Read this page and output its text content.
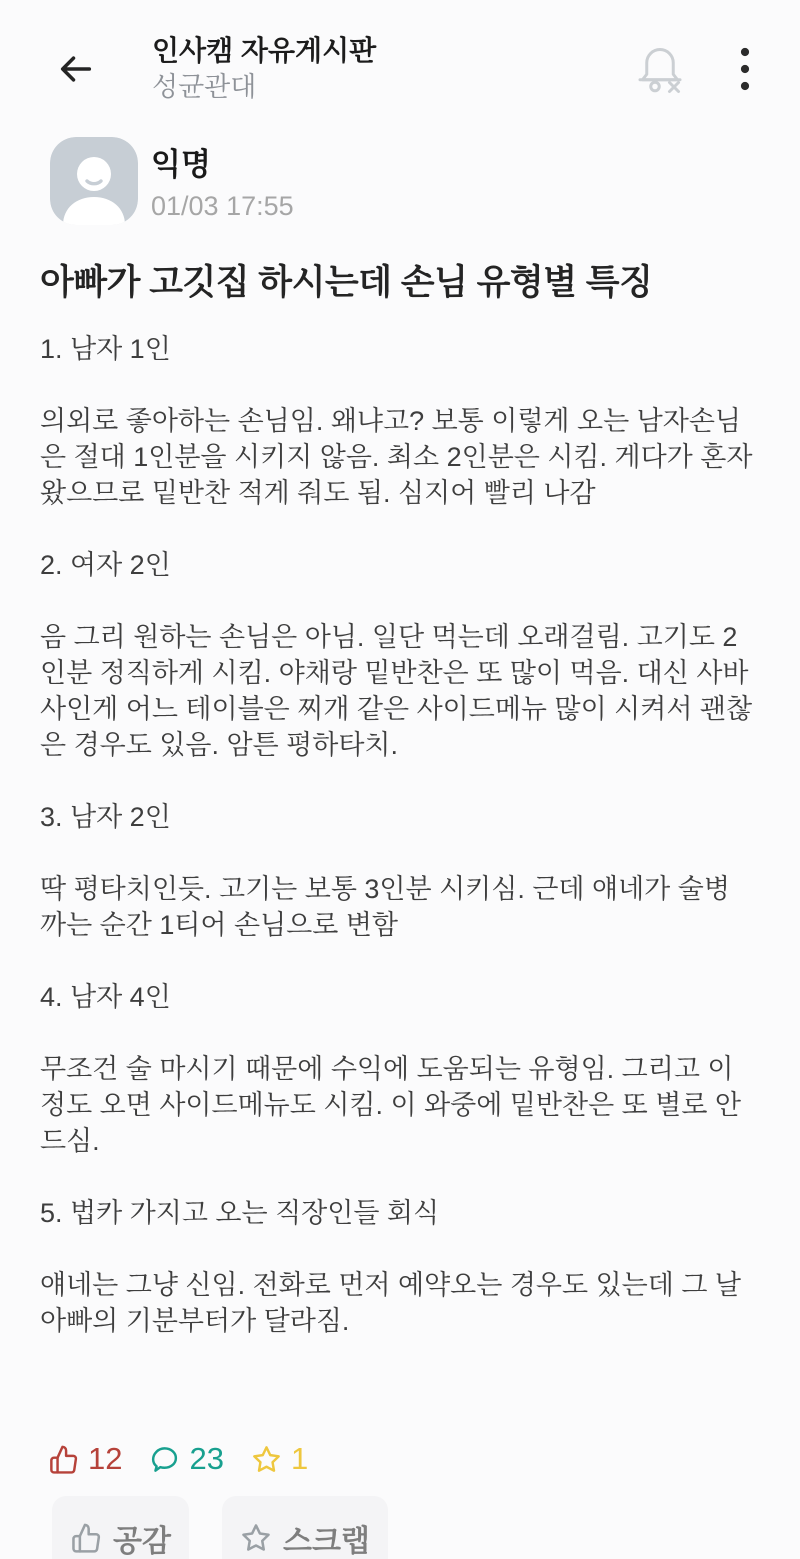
인사캠 자유게시판
성균관대
익명
01/03 17:55
아빠가 고깃집 하시는데 손님 유형별 특징

1. 남자 1인

의외로 좋아하는 손님임. 왜냐고? 보통 이렇게 오는 남자손님은 절대 1인분을 시키지 않음. 최소 2인분은 시킴. 게다가 혼자 왔으므로 밑반찬 적게 줘도 됨. 심지어 빨리 나감

2. 여자 2인

음 그리 원하는 손님은 아님. 일단 먹는데 오래걸림. 고기도 2인분 정직하게 시킴. 야채랑 밑반찬은 또 많이 먹음. 대신 사바사인게 어느 테이블은 찌개 같은 사이드메뉴 많이 시켜서 괜찮은 경우도 있음. 암튼 평하타치.

3. 남자 2인

딱 평타치인듯. 고기는 보통 3인분 시키심. 근데 얘네가 술병 까는 순간 1티어 손님으로 변함

4. 남자 4인

무조건 술 마시기 때문에 수익에 도움되는 유형임. 그리고 이 정도 오면 사이드메뉴도 시킴. 이 와중에 밑반찬은 또 별로 안드심.

5. 법카 가지고 오는 직장인들 회식

얘네는 그냥 신임. 전화로 먼저 예약오는 경우도 있는데 그 날 아빠의 기분부터가 달라짐.

12 23 1
공감	스크랩
